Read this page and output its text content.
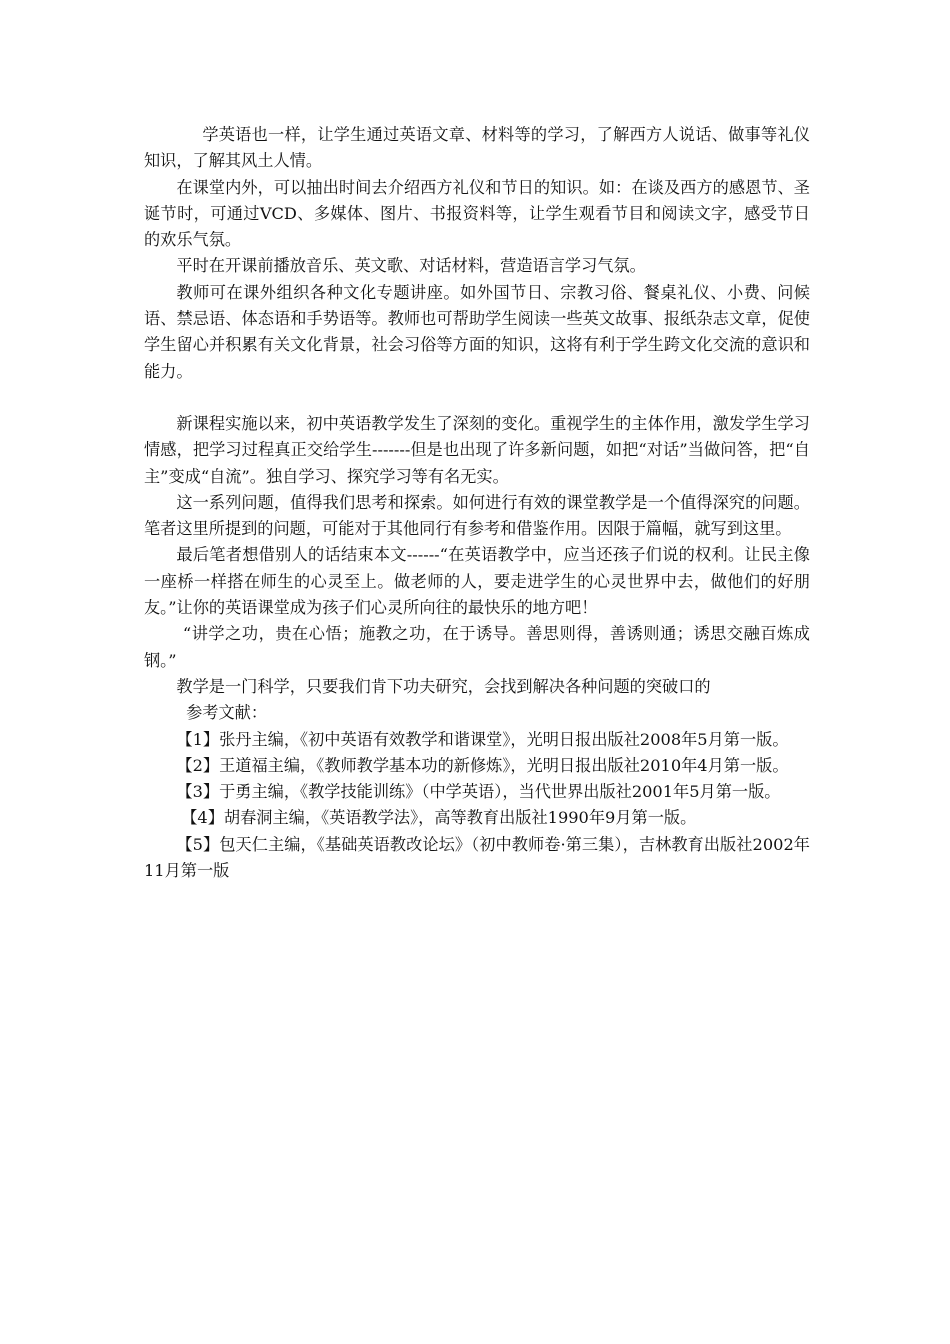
学英语也一样，让学生通过英语文章、材料等的学习，了解西方人说话、做事等礼仪知识，了解其风土人情。

在课堂内外，可以抽出时间去介绍西方礼仪和节日的知识。如：在谈及西方的感恩节、圣诞节时，可通过VCD、多媒体、图片、书报资料等，让学生观看节目和阅读文字，感受节日的欢乐气氛。

平时在开课前播放音乐、英文歌、对话材料，营造语言学习气氛。

教师可在课外组织各种文化专题讲座。如外国节日、宗教习俗、餐桌礼仪、小费、问候语、禁忌语、体态语和手势语等。教师也可帮助学生阅读一些英文故事、报纸杂志文章，促使学生留心并积累有关文化背景，社会习俗等方面的知识，这将有利于学生跨文化交流的意识和能力。

新课程实施以来，初中英语教学发生了深刻的变化。重视学生的主体作用，激发学生学习情感，把学习过程真正交给学生-------但是也出现了许多新问题，如把“对话”当做问答，把“自主”变成“自流”。独自学习、探究学习等有名无实。

这一系列问题，值得我们思考和探索。如何进行有效的课堂教学是一个值得深究的问题。笔者这里所提到的问题，可能对于其他同行有参考和借鉴作用。因限于篇幅，就写到这里。

最后笔者想借别人的话结束本文------“在英语教学中，应当还孩子们说的权利。让民主像一座桥一样搭在师生的心灵至上。做老师的人，要走进学生的心灵世界中去，做他们的好朋友。”让你的英语课堂成为孩子们心灵所向往的最快乐的地方吧！

“讲学之功，贵在心悟；施教之功，在于诱导。善思则得，善诱则通；诱思交融百炼成钢。”

教学是一门科学，只要我们肯下功夫研究，会找到解决各种问题的突破口的

参考文献：

【1】张丹主编，《初中英语有效教学和谐课堂》，光明日报出版社2008年5月第一版。

【2】王道福主编，《教师教学基本功的新修炼》，光明日报出版社2010年4月第一版。

【3】于勇主编，《教学技能训练》（中学英语），当代世界出版社2001年5月第一版。

【4】胡春洞主编，《英语教学法》，高等教育出版社1990年9月第一版。

【5】包天仁主编，《基础英语教改论坛》（初中教师卷·第三集），吉林教育出版社2002年11月第一版
